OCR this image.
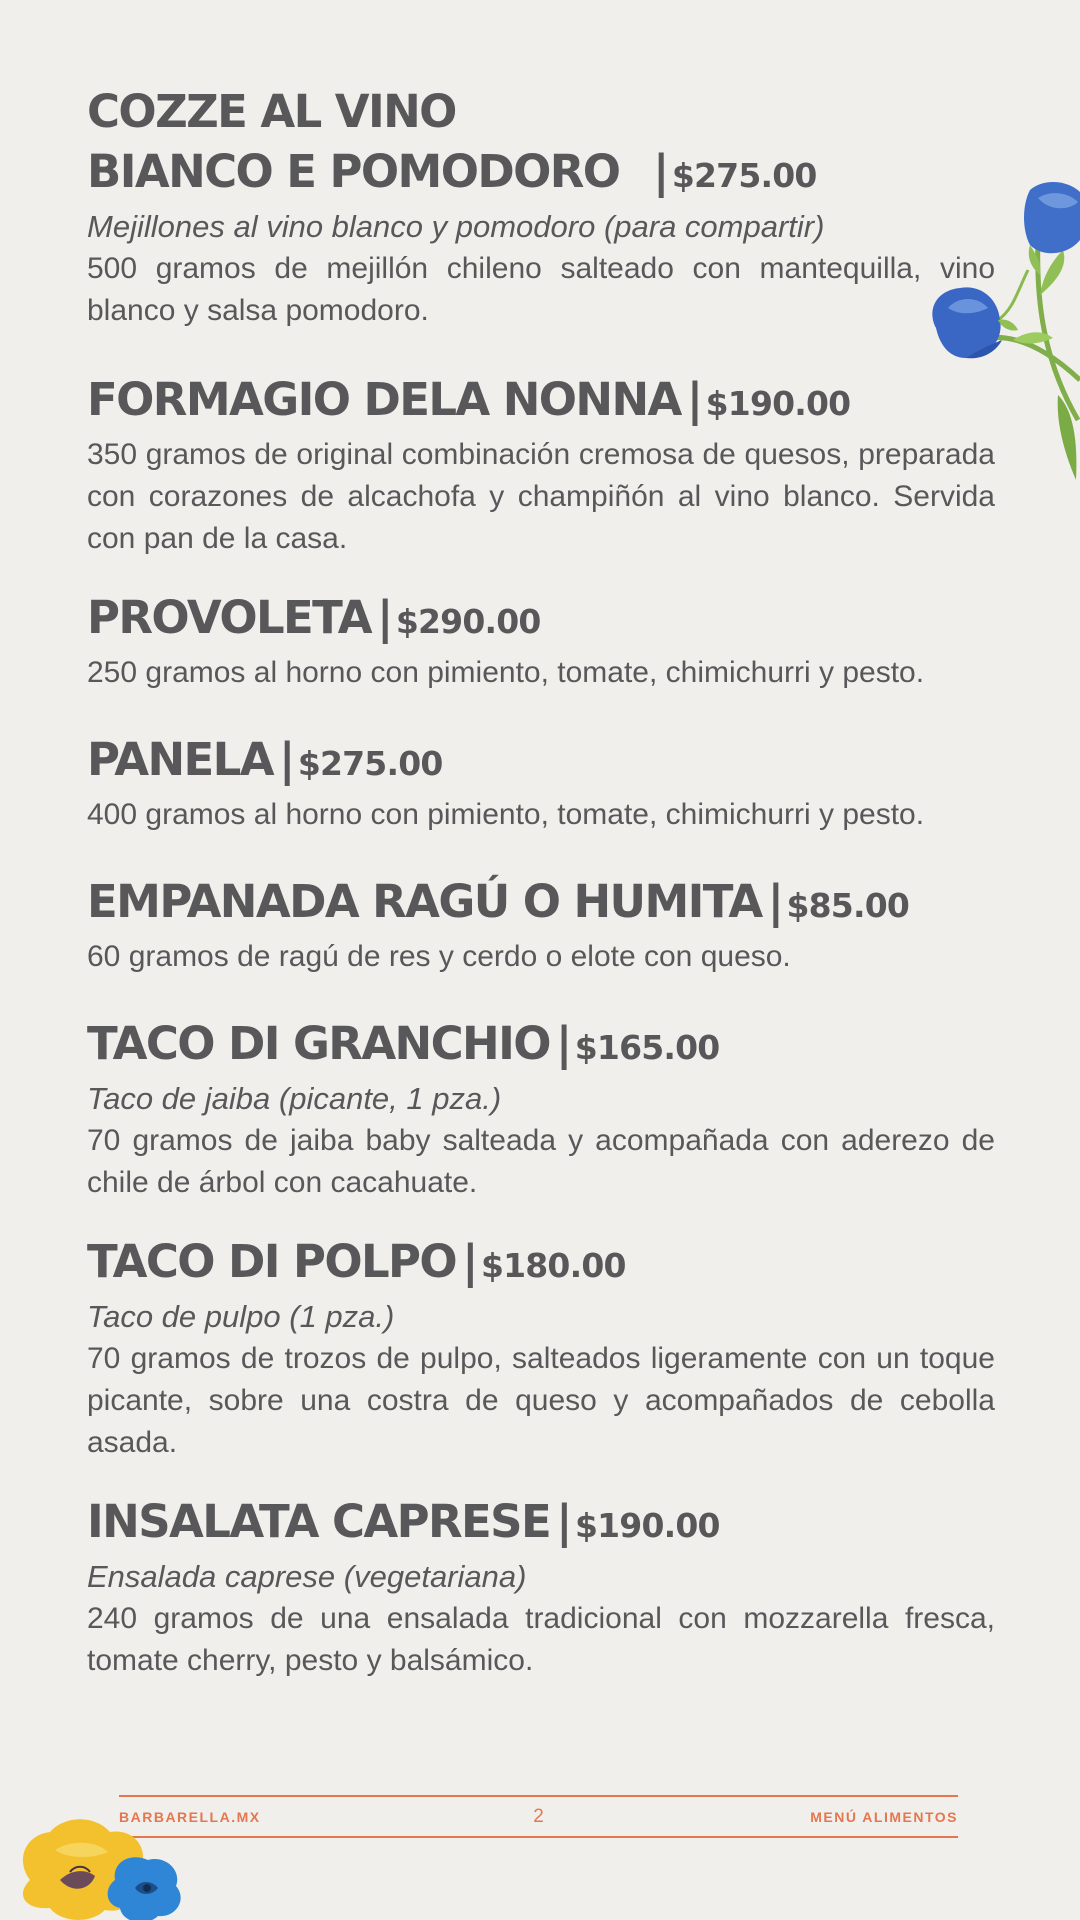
COZZE AL VINO BIANCO E POMODORO | $275.00

Mejillones al vino blanco y pomodoro (para compartir)

500 gramos de mejillón chileno salteado con mantequilla, vino blanco y salsa pomodoro.

FORMAGIO DELA NONNA | $190.00

350 gramos de original combinación cremosa de quesos, preparada con corazones de alcachofa y champiñón al vino blanco. Servida con pan de la casa.

PROVOLETA | $290.00

250 gramos al horno con pimiento, tomate, chimichurri y pesto.

PANELA | $275.00

400 gramos al horno con pimiento, tomate, chimichurri y pesto.

EMPANADA RAGÚ O HUMITA | $85.00

60 gramos de ragú de res y cerdo o elote con queso.

TACO DI GRANCHIO | $165.00

Taco de jaiba (picante, 1 pza.)

70 gramos de jaiba baby salteada y acompañada con aderezo de chile de árbol con cacahuate.

TACO DI POLPO | $180.00

Taco de pulpo (1 pza.)

70 gramos de trozos de pulpo, salteados ligeramente con un toque picante, sobre una costra de queso y acompañados de cebolla asada.

INSALATA CAPRESE | $190.00

Ensalada caprese (vegetariana)

240 gramos de una ensalada tradicional con mozzarella fresca, tomate cherry, pesto y balsámico.

BARBARELLA.MX	2	MENÚ ALIMENTOS
